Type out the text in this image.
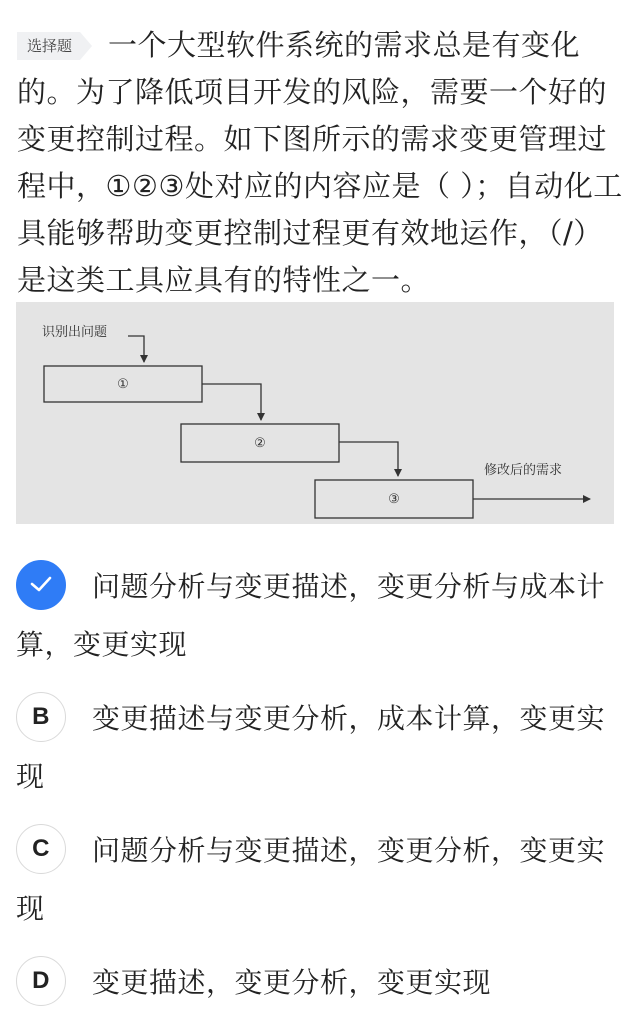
选择题 一个大型软件系统的需求总是有变化的。为了降低项目开发的风险，需要一个好的变更控制过程。如下图所示的需求变更管理过程中，①②③处对应的内容应是（ ）；自动化工具能够帮助变更控制过程更有效地运作，（/）是这类工具应具有的特性之一。
识别出问题
①
②
③
修改后的需求
问题分析与变更描述，变更分析与成本计算，变更实现
B 变更描述与变更分析，成本计算，变更实现
C 问题分析与变更描述，变更分析，变更实现
D 变更描述，变更分析，变更实现
